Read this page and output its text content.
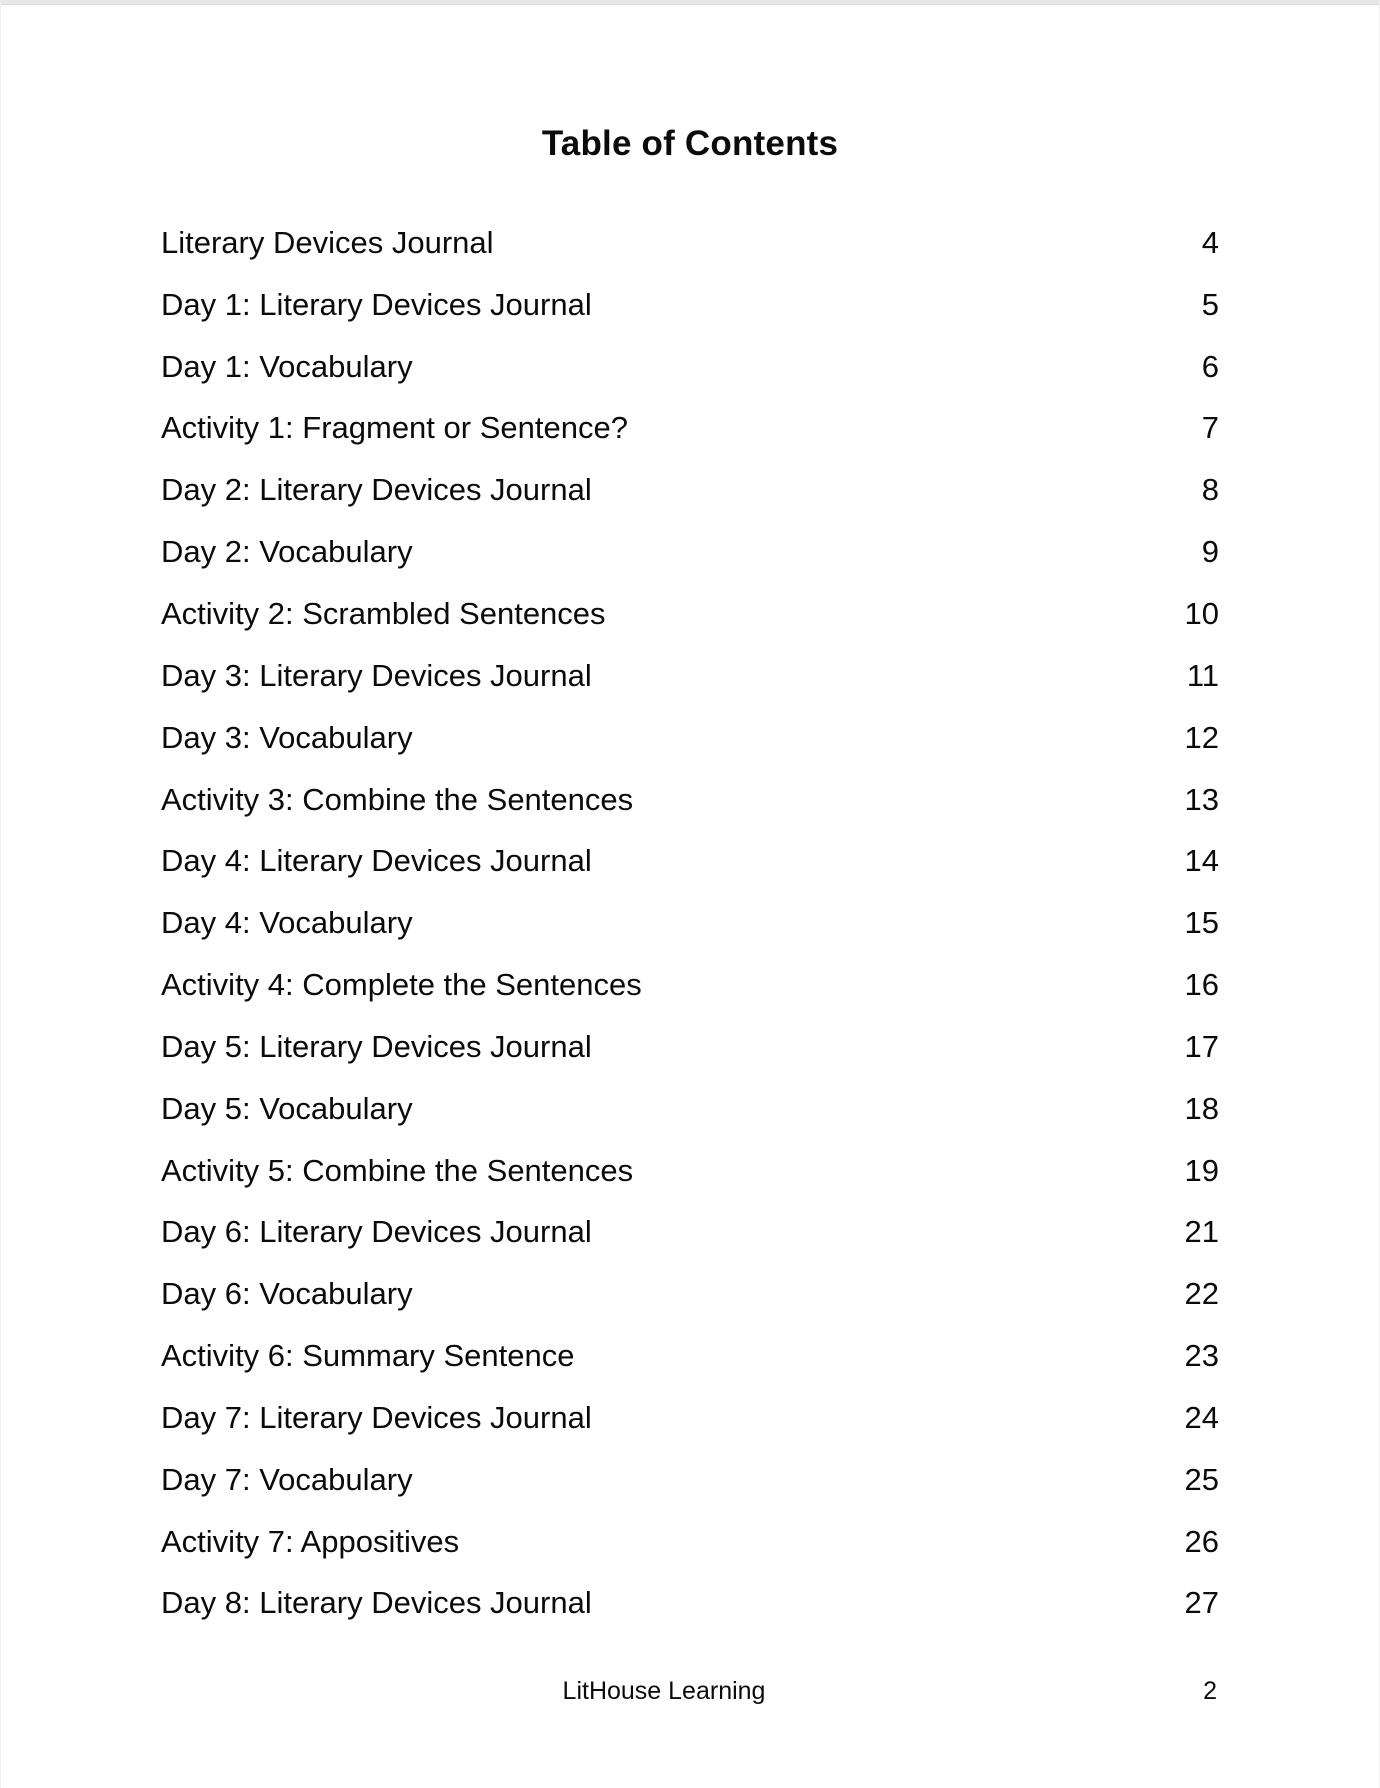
Table of Contents
Literary Devices Journal	4
Day 1: Literary Devices Journal	5
Day 1: Vocabulary	6
Activity 1: Fragment or Sentence?	7
Day 2: Literary Devices Journal	8
Day 2: Vocabulary	9
Activity 2: Scrambled Sentences	10
Day 3: Literary Devices Journal	11
Day 3: Vocabulary	12
Activity 3: Combine the Sentences	13
Day 4: Literary Devices Journal	14
Day 4: Vocabulary	15
Activity 4: Complete the Sentences	16
Day 5: Literary Devices Journal	17
Day 5: Vocabulary	18
Activity 5: Combine the Sentences	19
Day 6: Literary Devices Journal	21
Day 6: Vocabulary	22
Activity 6: Summary Sentence	23
Day 7: Literary Devices Journal	24
Day 7: Vocabulary	25
Activity 7: Appositives	26
Day 8: Literary Devices Journal	27
LitHouse Learning	2
